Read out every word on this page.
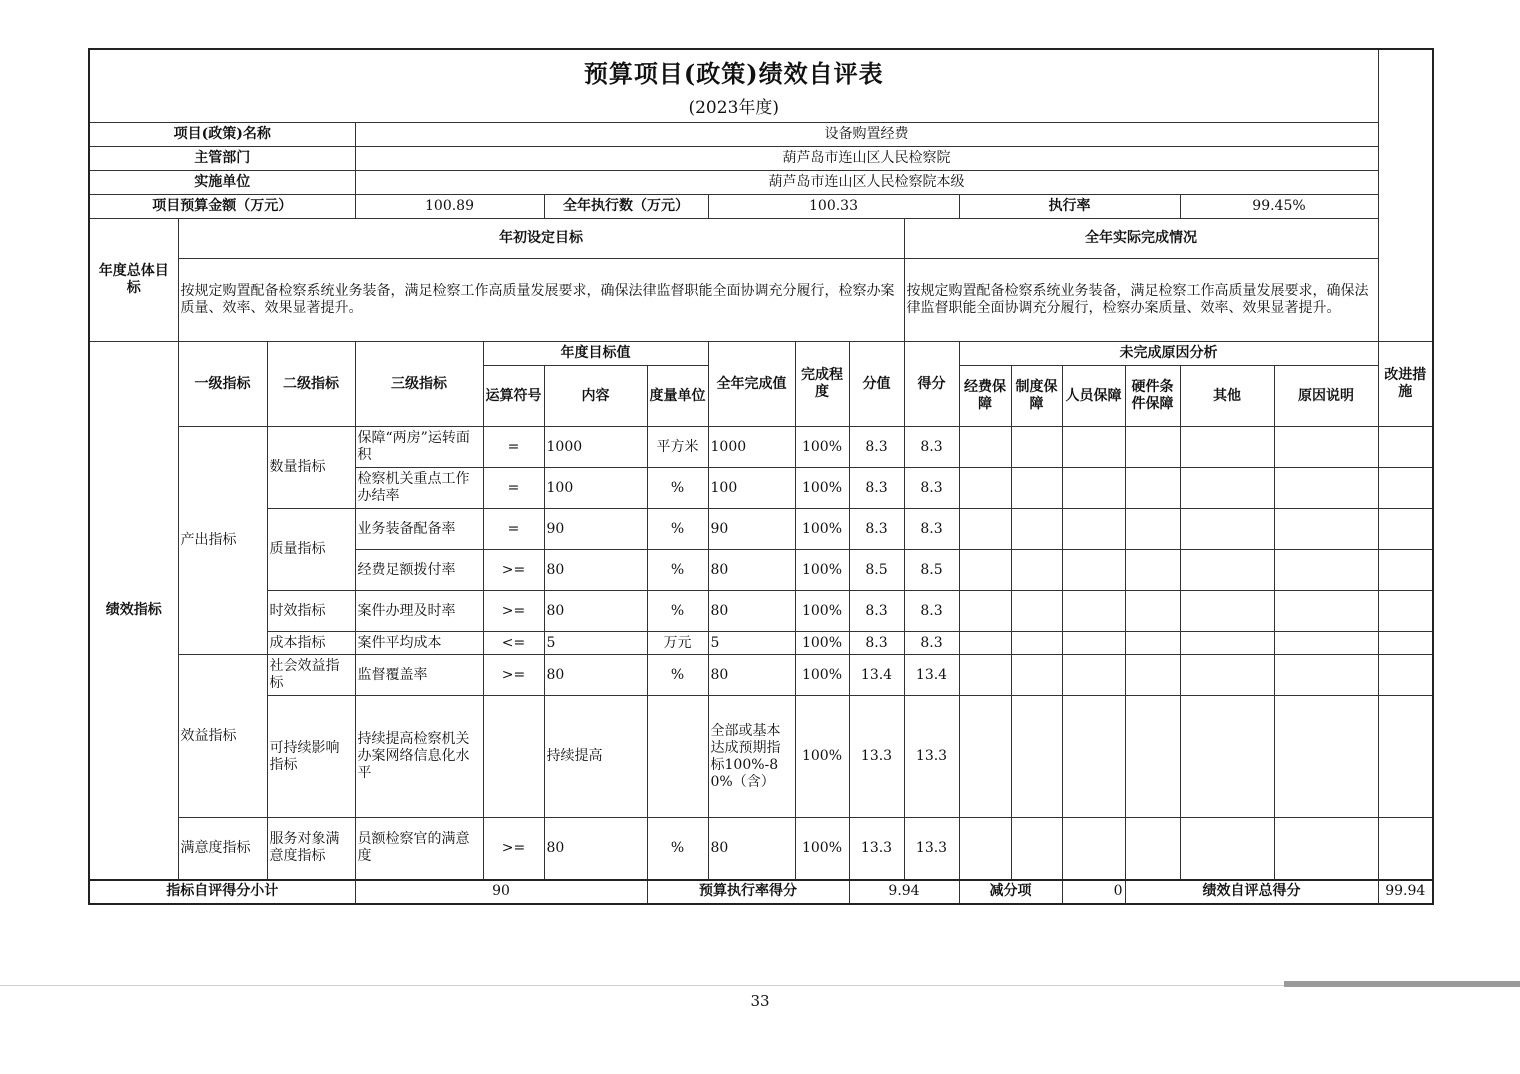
预算项目(政策)绩效自评表
(2023年度)																	

项目(政策)名称			设备购置经费														
主管部门			葫芦岛市连山区人民检察院														
实施单位			葫芦岛市连山区人民检察院本级														
项目预算金额（万元）			100.89		全年执行数（万元）		100.33				执行率				99.45%		
年度总体目标	年初设定目标									全年实际完成情况							
	按规定购置配备检察系统业务装备，满足检察工作高质量发展要求，确保法律监督职能全面协调充分履行，检察办案质量、效率、效果显著提升。									按规定购置配备检察系统业务装备，满足检察工作高质量发展要求，确保法律监督职能全面协调充分履行，检察办案质量、效率、效果显著提升。							
绩效指标	一级指标	二级指标	三级指标	年度目标值			全年完成值	完成程度	分值	得分	未完成原因分析						改进措施
				运算符号	内容	度量单位					经费保障	制度保障	人员保障	硬件条件保障	其他	原因说明	
	产出指标	数量指标	保障“两房”运转面积	=	1000	平方米	1000	100%	8.3	8.3							
			检察机关重点工作办结率	=	100	%	100	100%	8.3	8.3							
		质量指标	业务装备配备率	=	90	%	90	100%	8.3	8.3							
			经费足额拨付率	>=	80	%	80	100%	8.5	8.5							
		时效指标	案件办理及时率	>=	80	%	80	100%	8.3	8.3							
		成本指标	案件平均成本	<=	5	万元	5	100%	8.3	8.3							
	效益指标	社会效益指标	监督覆盖率	>=	80	%	80	100%	13.4	13.4							
		可持续影响指标	持续提高检察机关办案网络信息化水平		持续提高		全部或基本达成预期指标100%-80%（含）	100%	13.3	13.3							
	满意度指标	服务对象满意度指标	员额检察官的满意度	>=	80	%	80	100%	13.3	13.3							
指标自评得分小计			90			预算执行率得分			9.94		减分项		0	绩效自评总得分			99.94
33
